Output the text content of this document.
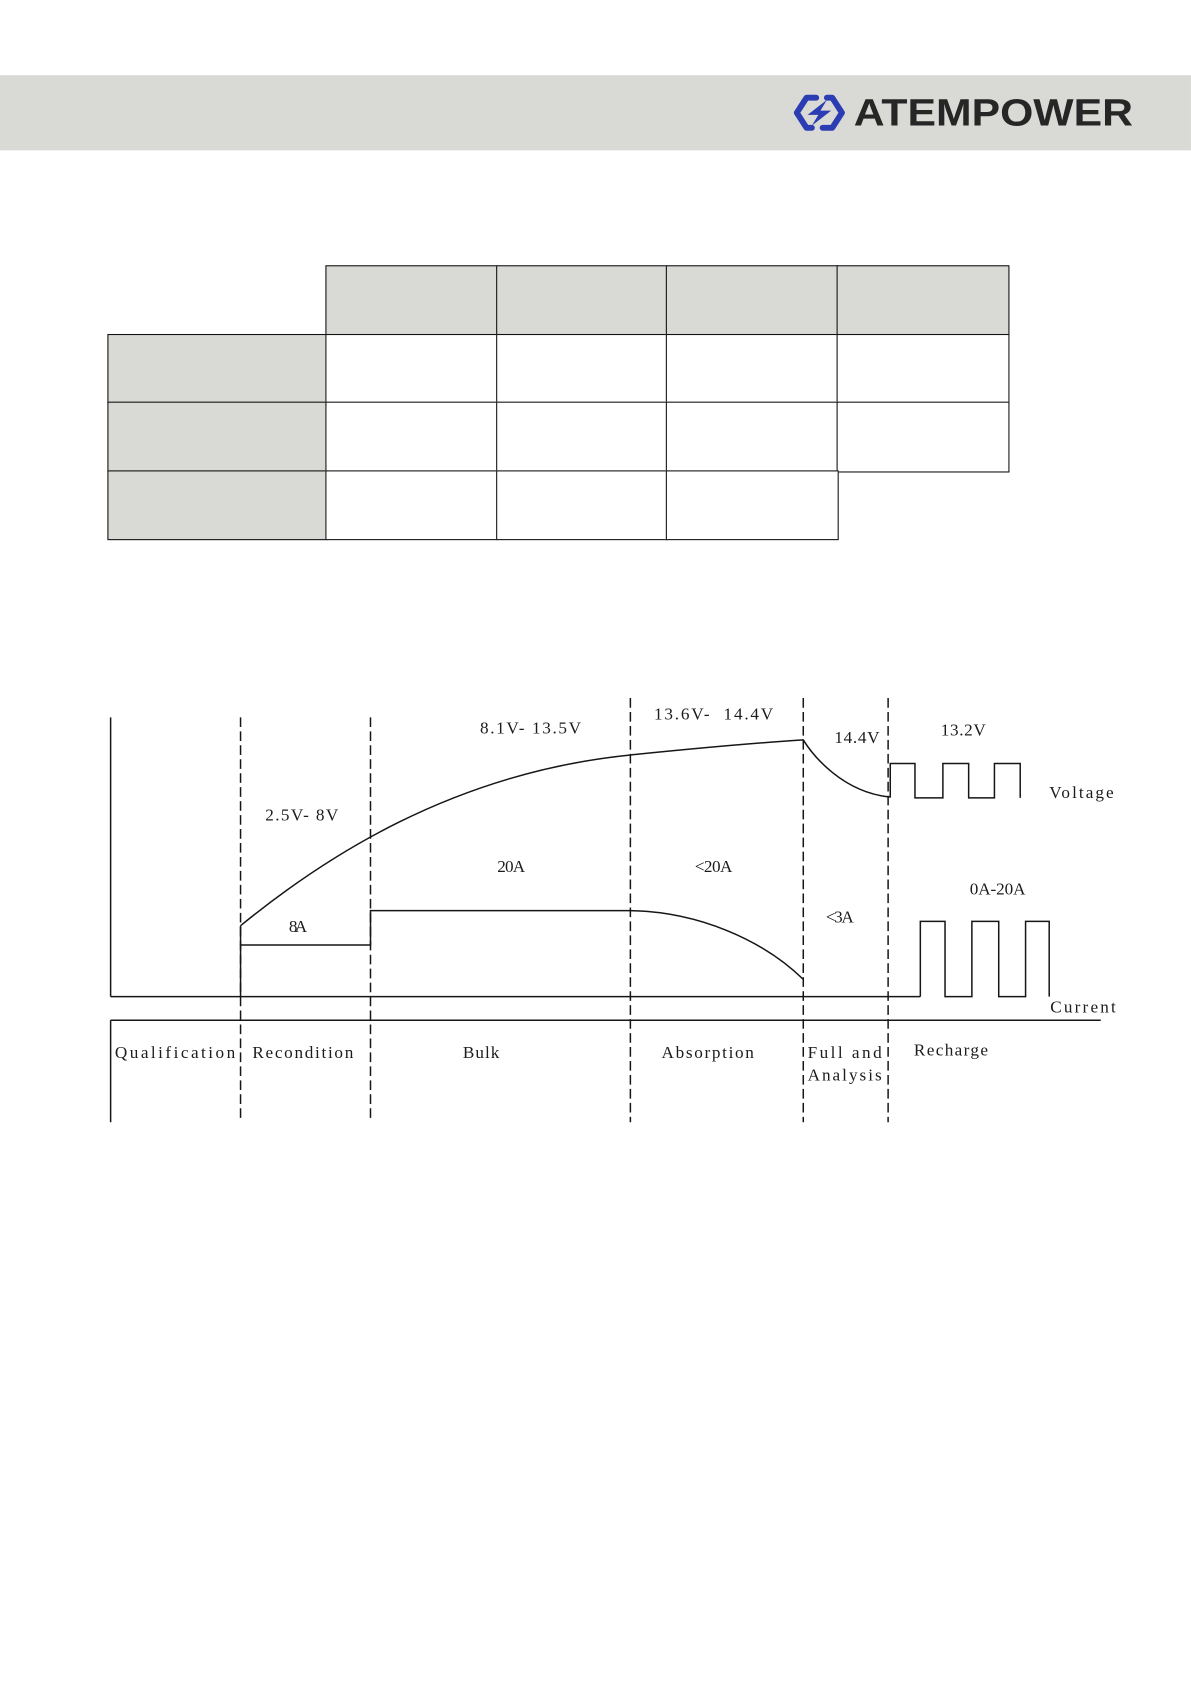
ATEMPOWER
2.5V- 8V
8.1V- 13.5V
13.6V-  14.4V
14.4V	13.2V
Voltage
8A
20A	<20A
<3A
0A-20A
Current
Qualification Recondition	Bulk	Absorption	Full and
Analysis
Recharge
